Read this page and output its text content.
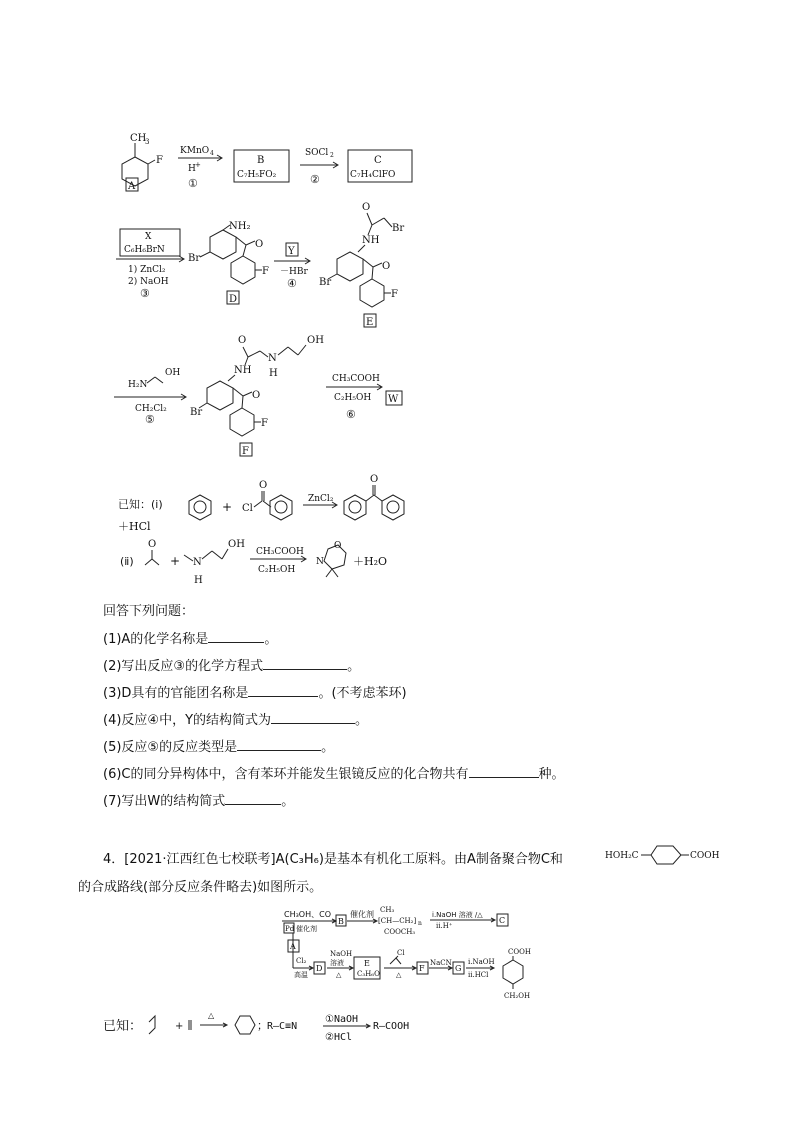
CH
3
F
A
KMnO 4
H +
①
B
C₇H₅FO₂
SOCl 2
②
C
C₇H₄ClFO
X
C₆H₆BrN
1) ZnCl₂
2) NaOH
③
NH₂
Br
O
F
D
Y
－HBr
④
O
Br
NH
Br
O
F
E
H₂N
OH
CH₂Cl₂
⑤
O
N
H
OH
NH
Br
O
F
F
CH₃COOH
C₂H₅OH
⑥
W
已知：(ⅰ)	+ Cl
O
ZnCl₂
O
＋HCl
(ⅱ)
O
+ N
H
OH
CH₃COOH
C₂H₅OH
O
N	＋H₂O
回答下列问题：
(1)A的化学名称是	。
(2)写出反应③的化学方程式	。
(3)D具有的官能团名称是	。(不考虑苯环)
(4)反应④中，Y的结构简式为	。
(5)反应⑤的反应类型是	。
(6)C的同分异构体中，含有苯环并能发生银镜反应的化合物共有	种。
(7)写出W的结构简式	。
4．[2021·江西红色七校联考]A(C₃H₆)是基本有机化工原料。由A制备聚合物C和	HOH₂C	COOH
的合成路线(部分反应条件略去)如图所示。
CH₃OH、CO
Pd 催化剂
B
催化剂 CH₃
[CH—CH₂] n
COOCH₃
i.NaOH 溶液 /△
ii.H⁺
C
A
Cl₂
高温
D
NaOH
溶液
△
E
C₃H₆O
Cl
△
F
NaCN
G
i.NaOH
ii.HCl
COOH
CH₂OH
已知：	+
△
； R—C≡N
①NaOH
②HCl
R—COOH
